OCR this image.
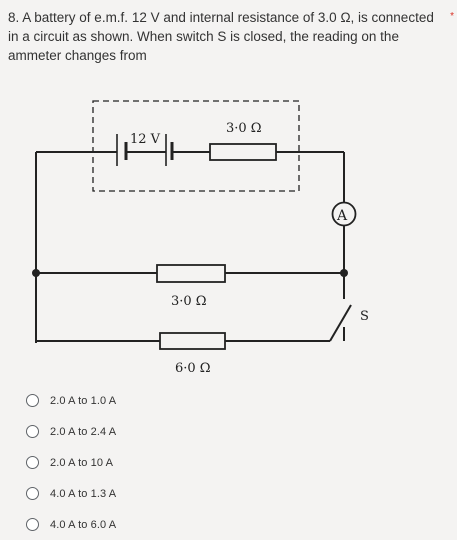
8. A battery of e.m.f. 12 V and internal resistance of 3.0 Ω, is connected in a circuit as shown. When switch S is closed, the reading on the ammeter changes from
*
12 V
3·0 Ω
3·0 Ω
6·0 Ω
A
S
2.0 A to 1.0 A
2.0 A to 2.4 A
2.0 A to 10 A
4.0 A to 1.3 A
4.0 A to 6.0 A
